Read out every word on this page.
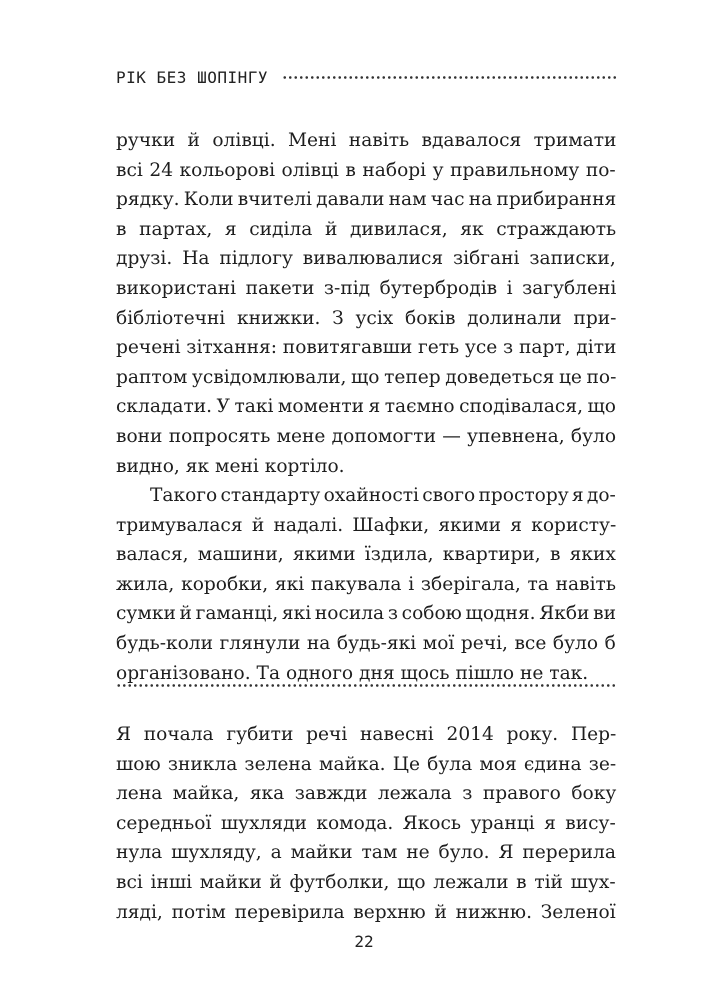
РІК БЕЗ ШОПІНГУ
ручки й олівці. Мені навіть вдавалося тримати
всі 24 кольорові олівці в наборі у правильному по-
рядку. Коли вчителі давали нам час на прибирання
в партах, я сиділа й дивилася, як страждають
друзі. На підлогу вивалювалися зібгані записки,
використані пакети з-під бутербродів і загублені
бібліотечні книжки. З усіх боків долинали при-
речені зітхання: повитягавши геть усе з парт, діти
раптом усвідомлювали, що тепер доведеться це по-
складати. У такі моменти я таємно сподівалася, що
вони попросять мене допомогти — упевнена, було
видно, як мені кортіло.
Такого стандарту охайності свого простору я до-
тримувалася й надалі. Шафки, якими я користу-
валася, машини, якими їздила, квартири, в яких
жила, коробки, які пакувала і зберігала, та навіть
сумки й гаманці, які носила з собою щодня. Якби ви
будь-коли глянули на будь-які мої речі, все було б
організовано. Та одного дня щось пішло не так.
Я почала губити речі навесні 2014 року. Пер-
шою зникла зелена майка. Це була моя єдина зе-
лена майка, яка завжди лежала з правого боку
середньої шухляди комода. Якось уранці я вису-
нула шухляду, а майки там не було. Я перерила
всі інші майки й футболки, що лежали в тій шух-
ляді, потім перевірила верхню й нижню. Зеленої
22
